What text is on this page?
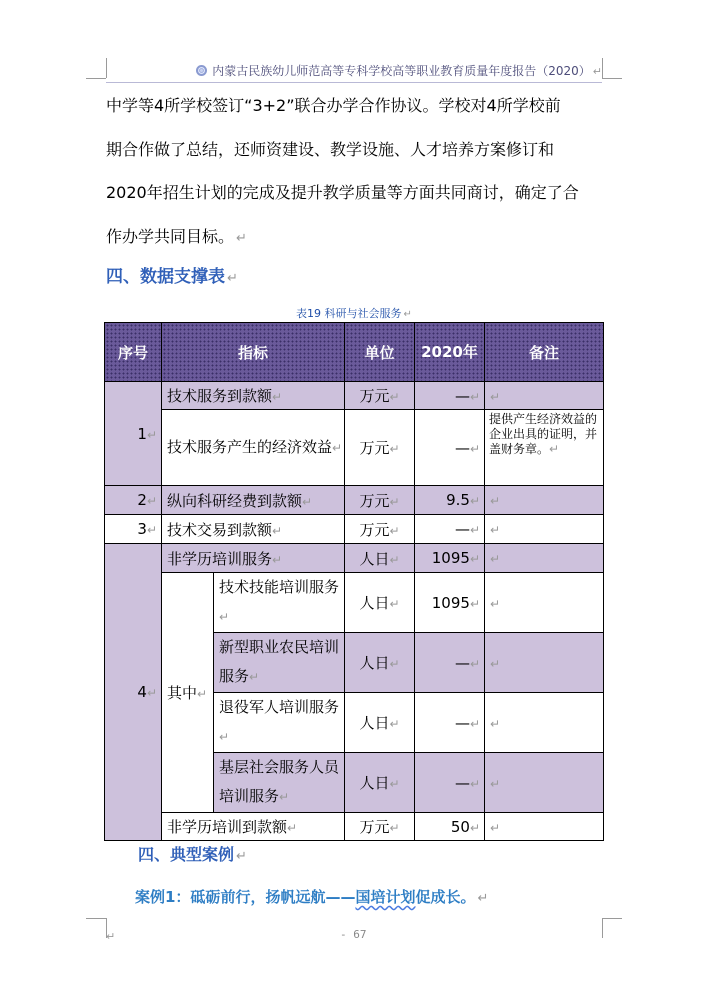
内蒙古民族幼儿师范高等专科学校高等职业教育质量年度报告（2020） ↵
中学等4所学校签订“3+2”联合办学合作协议。学校对4所学校前
期合作做了总结，还师资建设、教学设施、人才培养方案修订和
2020年招生计划的完成及提升教学质量等方面共同商讨，确定了合
作办学共同目标。 ↵
四、数据支撑表 ↵
表19 科研与社会服务 ↵
序号	指标		单位	2020年	备注
1↵	技术服务到款额↵		万元↵	—↵	↵
	技术服务产生的经济效益↵		万元↵	—↵	提供产生经济效益的企业出具的证明，并盖财务章。↵
2↵	纵向科研经费到款额↵		万元↵	9.5↵	↵
3↵	技术交易到款额↵		万元↵	—↵	↵
4↵	非学历培训服务↵		人日↵	1095↵	↵
	其中↵	技术技能培训服务↵	人日↵	1095↵	↵
		新型职业农民培训服务↵	人日↵	—↵	↵
		退役军人培训服务↵	人日↵	—↵	↵
		基层社会服务人员培训服务↵	人日↵	—↵	↵
	非学历培训到款额↵		万元↵	50↵	↵
四、典型案例 ↵
案例1：砥砺前行，扬帆远航——国培计划促成长。 ↵
↵	- 67
